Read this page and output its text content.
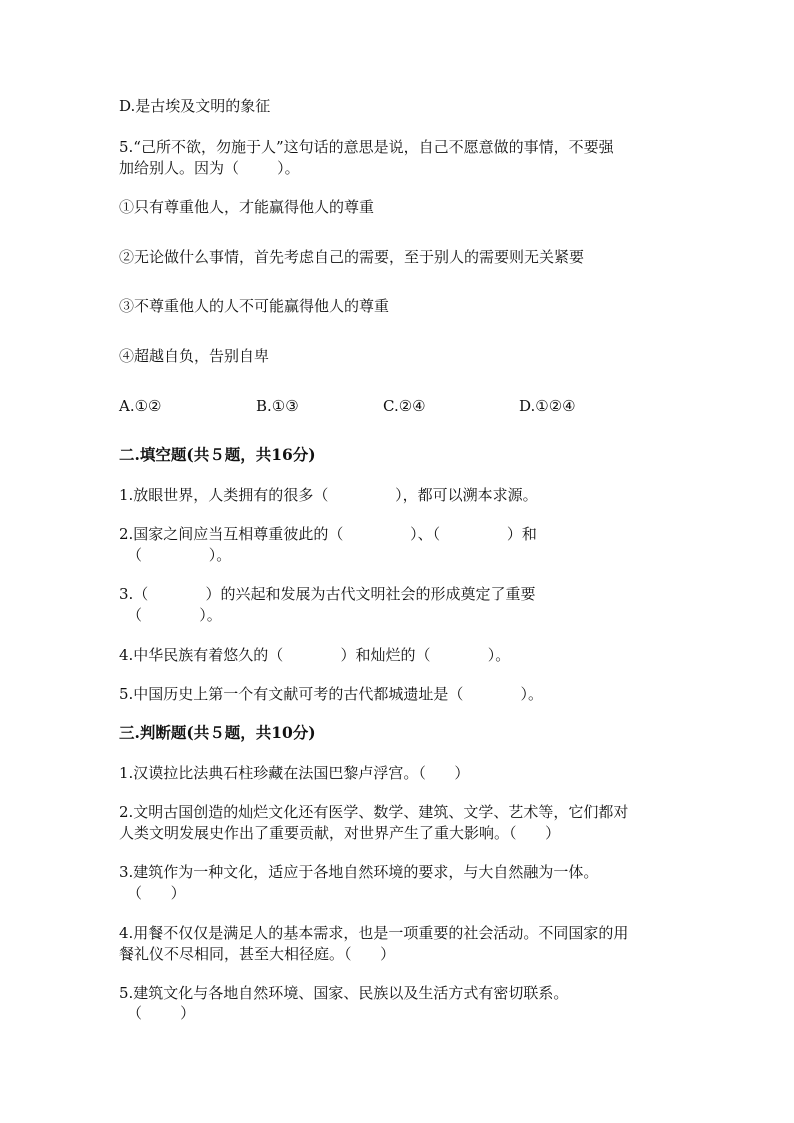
D.是古埃及文明的象征
5.“己所不欲，勿施于人”这句话的意思是说，自己不愿意做的事情，不要强
加给别人。因为（        ）。
①只有尊重他人，才能赢得他人的尊重
②无论做什么事情，首先考虑自己的需要，至于别人的需要则无关紧要
③不尊重他人的人不可能赢得他人的尊重
④超越自负，告别自卑
A.①②	B.①③	C.②④	D.①②④
二.填空题(共５题，共16分)
1.放眼世界，人类拥有的很多（              ），都可以溯本求源。
2.国家之间应当互相尊重彼此的（              ）、（              ）和
（              ）。
3.（            ）的兴起和发展为古代文明社会的形成奠定了重要
（            ）。
4.中华民族有着悠久的（            ）和灿烂的（            ）。
5.中国历史上第一个有文献可考的古代都城遗址是（            ）。
三.判断题(共５题，共10分)
1.汉谟拉比法典石柱珍藏在法国巴黎卢浮宫。（      ）
2.文明古国创造的灿烂文化还有医学、数学、建筑、文学、艺术等，它们都对
人类文明发展史作出了重要贡献，对世界产生了重大影响。（      ）
3.建筑作为一种文化，适应于各地自然环境的要求，与大自然融为一体。
（      ）
4.用餐不仅仅是满足人的基本需求，也是一项重要的社会活动。不同国家的用
餐礼仪不尽相同，甚至大相径庭。（      ）
5.建筑文化与各地自然环境、国家、民族以及生活方式有密切联系。
（        ）
